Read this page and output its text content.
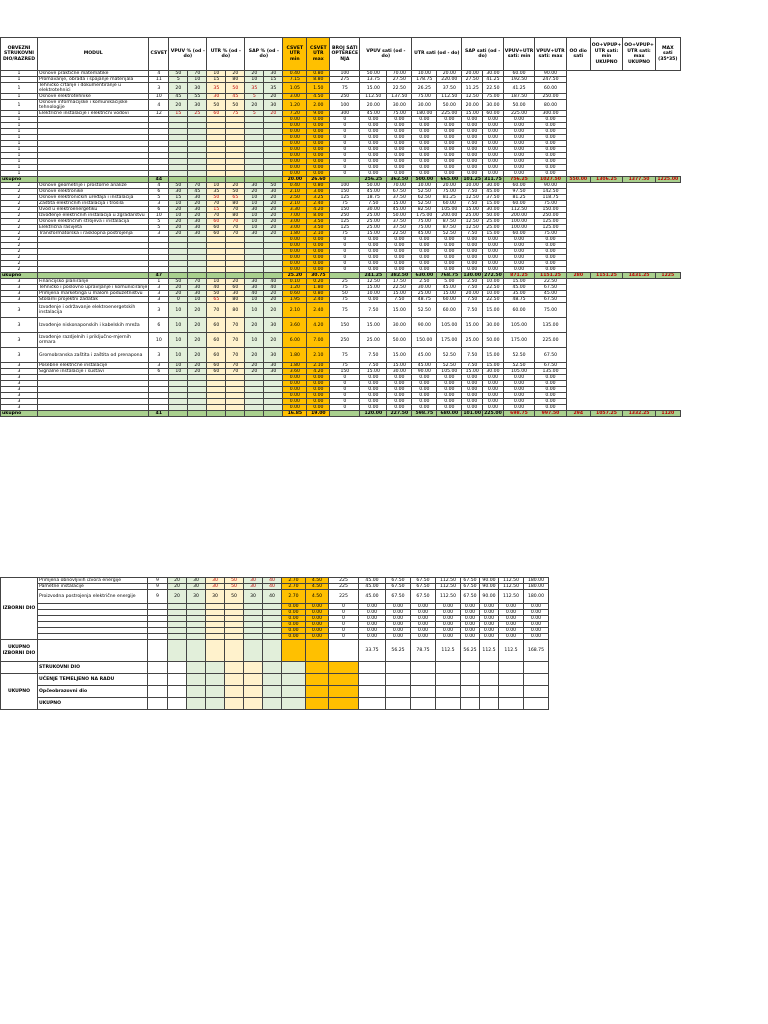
OBVEZNI STRUKOVNI DIO/RAZRED	MODUL	CSVET	VPUV % (od - do)		UTR % (od - do)		SAP % (od - do)		CSVET UTR min	CSVET UTR max	BROJ SATI OPTEREĆE NJA	VPUV sati (od - do)		UTR sati (od - do)		SAP sati (od - do)		VPUV+UTR sati: min	VPUV+UTR sati: max	OO dio sati	OO+VPUP+ UTR sati: min UKUPNO	OO+VPUP+ UTR sati: max UKUPNO	MAX sati (35*35)
1	Osnove praktične matematike	4	50	70	10	20	20	30	0.40	0.80	100	50.00	70.00	10.00	20.00	20.00	30.00	60.00	90.00				
1	Promavanje, obrada i spajanje materijala	11	5	10	15	80	10	15	7.15	8.80	275	13.75	27.50	178.75	220.00	27.50	41.25	192.50	247.50				
1	Tehničko crtanje i dokumentiranje u elektrotehnici	3	20	30	35	50	35	35	1.05	1.50	75	15.00	22.50	26.25	37.50	11.25	22.50	41.25	60.00				
1	Osnove elektrotehnike	10	45	55	30	45	5	20	3.00	4.50	250	112.50	137.50	75.00	112.50	12.50	75.00	187.50	250.00				
1	Osnove informacijske i komunikacijske tehnologije	4	20	30	50	50	20	30	1.20	2.00	100	20.00	30.00	30.00	50.00	20.00	30.00	50.00	80.00				
1	Električne instalacije i električni vodovi	12	15	25	60	75	5	20	7.20	9.00	300	45.00	75.00	180.00	225.00	15.00	60.00	225.00	300.00				
1									0.00	0.00	0	0.00	0.00	0.00	0.00	0.00	0.00	0.00	0.00				
1									0.00	0.00	0	0.00	0.00	0.00	0.00	0.00	0.00	0.00	0.00				
1									0.00	0.00	0	0.00	0.00	0.00	0.00	0.00	0.00	0.00	0.00				
1									0.00	0.00	0	0.00	0.00	0.00	0.00	0.00	0.00	0.00	0.00				
1									0.00	0.00	0	0.00	0.00	0.00	0.00	0.00	0.00	0.00	0.00				
1									0.00	0.00	0	0.00	0.00	0.00	0.00	0.00	0.00	0.00	0.00				
1									0.00	0.00	0	0.00	0.00	0.00	0.00	0.00	0.00	0.00	0.00				
1									0.00	0.00	0	0.00	0.00	0.00	0.00	0.00	0.00	0.00	0.00				
1									0.00	0.00	0	0.00	0.00	0.00	0.00	0.00	0.00	0.00	0.00				
1									0.00	0.00	0	0.00	0.00	0.00	0.00	0.00	0.00	0.00	0.00				
ukupno		44							20.00	26.60		256.25	362.50	500.00	665.00	101.25	311.75	756.25	1027.50	550.00	1306.25	1377.50	1225.00
2	Osnove geometrije i prostorne analize	4	50	70	10	20	30	50	0.40	0.80	100	50.00	70.00	10.00	20.00	10.00	30.00	60.00	90.00				
2	Osnove elektronike	6	30	45	35	50	20	30	2.10	3.00	150	45.00	67.50	52.50	75.00	7.50	45.00	97.50	142.50				
2	Osnove elektroničkih uređaja i instalacija	5	15	30	50	65	10	20	2.50	3.25	125	18.75	37.50	62.50	81.25	12.50	37.50	81.25	118.75				
2	Zaštita električnih instalacija i trošila	3	10	20	70	80	10	20	2.10	2.40	75	7.50	15.00	52.50	60.00	7.50	15.00	60.00	75.00				
2	Uvod u elektroenergetiku	6	20	30	15	70	30	20	3.30	4.20	150	30.00	45.00	82.50	105.00	15.00	30.00	112.50	150.00				
2	Izvođenje električnih instalacija u zgradarstvu	10	10	20	70	80	10	20	7.00	8.00	250	25.00	50.00	175.00	200.00	25.00	50.00	200.00	250.00				
2	Osnove električnih strojeva i instalacija	5	20	30	60	70	10	20	3.00	3.50	125	25.00	37.50	75.00	87.50	12.50	25.00	100.00	125.00				
2	Električna rasvjeta	5	20	30	60	70	10	20	3.00	3.50	125	25.00	37.50	75.00	87.50	12.50	25.00	100.00	125.00				
2	Transformatorska i rasklopna postrojenja	3	20	30	60	70	30	20	1.80	2.10	75	15.00	22.50	45.00	52.50	7.50	15.00	60.00	75.00				
2									0.00	0.00	0	0.00	0.00	0.00	0.00	0.00	0.00	0.00	0.00				
2									0.00	0.00	0	0.00	0.00	0.00	0.00	0.00	0.00	0.00	0.00				
2									0.00	0.00	0	0.00	0.00	0.00	0.00	0.00	0.00	0.00	0.00				
2									0.00	0.00	0	0.00	0.00	0.00	0.00	0.00	0.00	0.00	0.00				
2									0.00	0.00	0	0.00	0.00	0.00	0.00	0.00	0.00	0.00	0.00				
2									0.00	0.00	0	0.00	0.00	0.00	0.00	0.00	0.00	0.00	0.00				
ukupno		47							25.20	30.75		241.25	382.50	630.00	768.75	130.00	272.50	871.25	1151.25	280	1151.25	1431.25	1225
3	Financijsko planiranje	1	50	70	10	20	30	40	0.10	0.20	25	12.50	17.50	2.50	5.00	2.50	10.00	15.00	22.50				
3	Tehničko i poslovno upravljanje i komuniciranje	3	20	30	40	60	30	40	1.20	1.80	75	15.00	22.50	30.00	45.00	7.50	22.50	45.00	67.50				
3	Primjena marketinga u malom poduzetništvu	3	20	30	50	30	40	20	0.60	0.80	50	10.00	15.00	25.00	15.00	20.00	10.00	35.00	45.00				
3	Stolarni projektni zadatak	3	0	10	65	80	10	20	1.95	2.40	75	0.00	7.50	48.75	60.00	7.50	22.50	48.75	67.50				
3	Izvođenje i održavanje elektroenergetskih instalacija	3	10	20	70	80	10	20	2.10	2.40	75	7.50	15.00	52.50	60.00	7.50	15.00	60.00	75.00				
3	Izvođenje niskonaponskih i kabelskih mreža	6	10	20	60	70	20	30	3.60	4.20	150	15.00	30.00	90.00	105.00	15.00	30.00	105.00	135.00				
3	Izvođenje razdjelnih i priključno-mjernih ormara	10	10	20	60	70	10	20	6.00	7.00	250	25.00	50.00	150.00	175.00	25.00	50.00	175.00	225.00				
3	Gromobranska zaštita i zaštita od prenapona	3	10	20	60	70	20	30	1.80	2.10	75	7.50	15.00	45.00	52.50	7.50	15.00	52.50	67.50				
3	Posebne električne instalacije	3	10	20	60	70	20	30	1.80	2.10	75	7.50	15.00	45.00	52.50	7.50	15.00	52.50	67.50				
3	Signalne instalacije i sustavi	6	10	20	60	70	20	30	3.60	4.20	150	15.00	30.00	90.00	105.00	15.00	30.00	105.00	135.00				
3									0.00	0.00	0	0.00	0.00	0.00	0.00	0.00	0.00	0.00	0.00				
3									0.00	0.00	0	0.00	0.00	0.00	0.00	0.00	0.00	0.00	0.00				
3									0.00	0.00	0	0.00	0.00	0.00	0.00	0.00	0.00	0.00	0.00				
3									0.00	0.00	0	0.00	0.00	0.00	0.00	0.00	0.00	0.00	0.00				
3									0.00	0.00	0	0.00	0.00	0.00	0.00	0.00	0.00	0.00	0.00				
3									0.00	0.00	0	0.00	0.00	0.00	0.00	0.00	0.00	0.00	0.00				
ukupno		41							16.85	19.00		120.00	227.50	598.75	680.00	101.00	225.00	698.75	997.50	294	1057.25	1332.25	1120
IZBORNI DIO	Primjena obnovljivih izvora energije	9	20	30	30	50	30	40	2.70	4.50	225	45.00	67.50	67.50	112.50	67.50	90.00	112.50	180.00
	Pametne instalacije	9	20	30	30	50	30	40	2.70	4.50	225	45.00	67.50	67.50	112.50	67.50	90.00	112.50	180.00
	Proizvodna postrojenja električne energije	9	20	30	30	50	30	40	2.70	4.50	225	45.00	67.50	67.50	112.50	67.50	90.00	112.50	180.00
									0.00	0.00	0	0.00	0.00	0.00	0.00	0.00	0.00	0.00	0.00
									0.00	0.00	0	0.00	0.00	0.00	0.00	0.00	0.00	0.00	0.00
									0.00	0.00	0	0.00	0.00	0.00	0.00	0.00	0.00	0.00	0.00
									0.00	0.00	0	0.00	0.00	0.00	0.00	0.00	0.00	0.00	0.00
									0.00	0.00	0	0.00	0.00	0.00	0.00	0.00	0.00	0.00	0.00
									0.00	0.00	0	0.00	0.00	0.00	0.00	0.00	0.00	0.00	0.00
UKUPNO IZBORNI DIO												33.75	56.25	78.75	112.5	56.25	112.5	112.5	168.75
	STRUKOVNI DIO																		
UKUPNO	UČENJE TEMELJENO NA RADU																		
	Opčeobrazovni dio																		
	UKUPNO																		
